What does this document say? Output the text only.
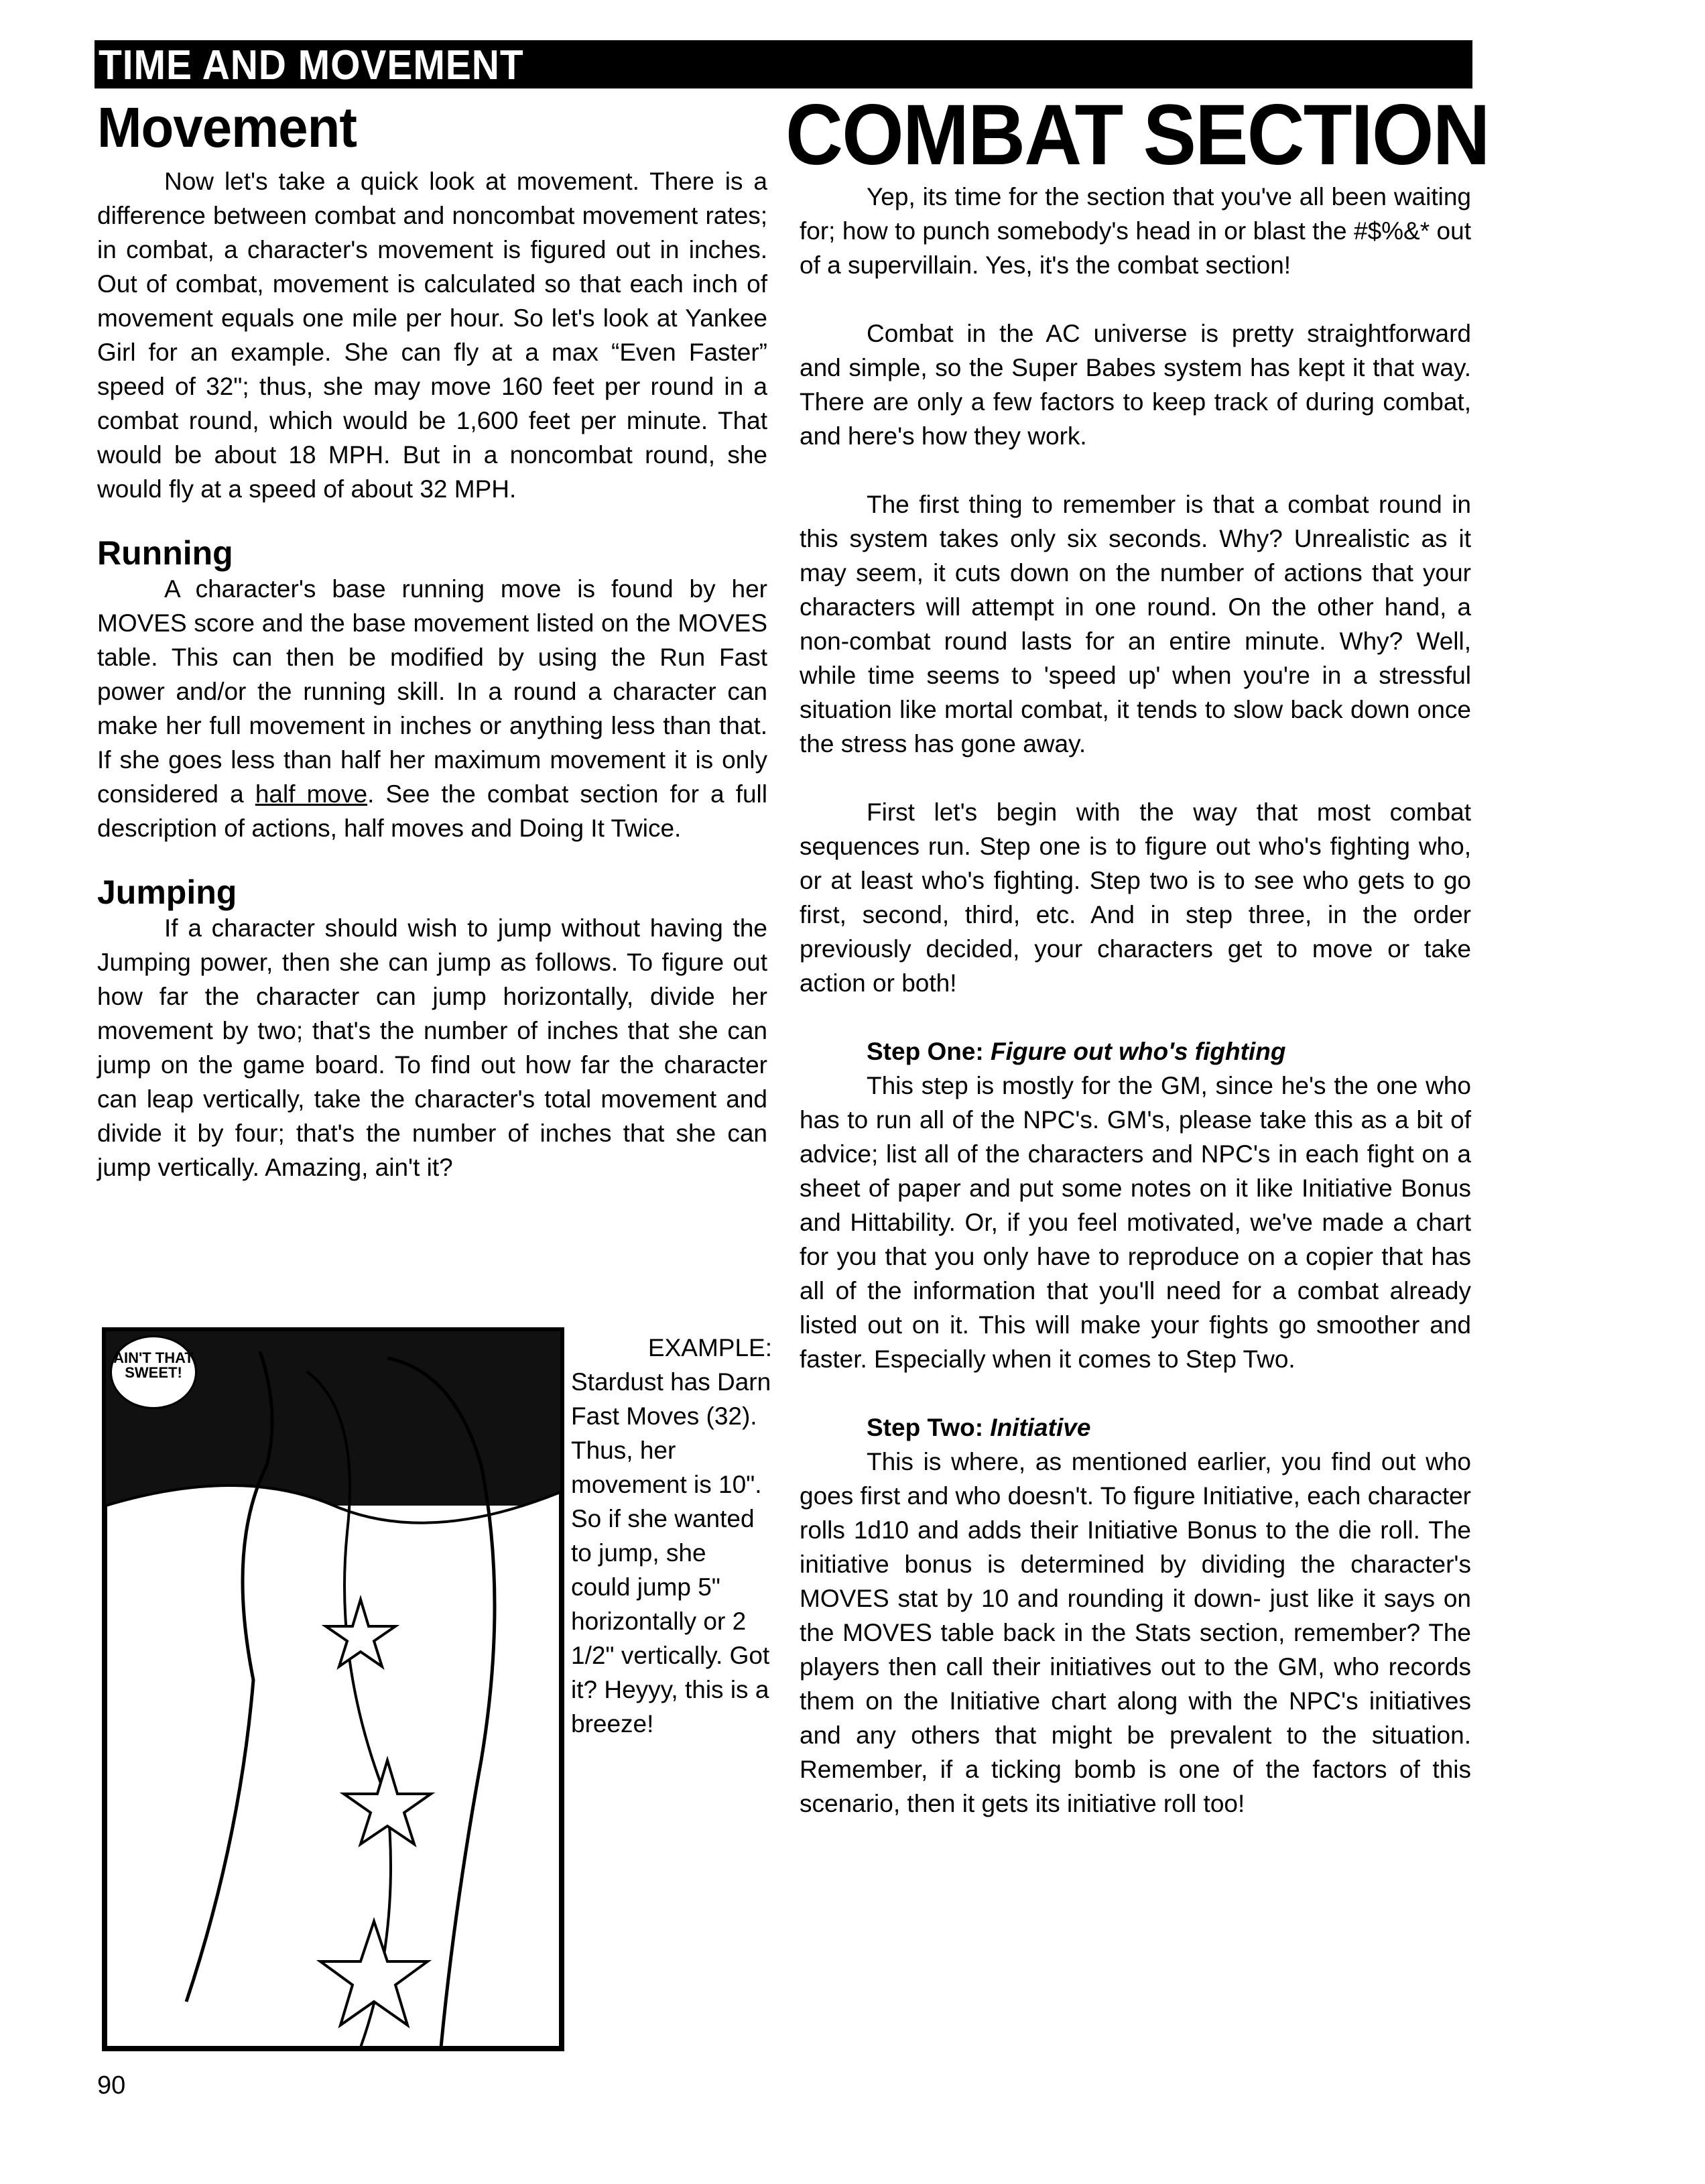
TIME AND MOVEMENT
Movement	COMBAT SECTION

Now let's take a quick look at movement. There is a difference between combat and noncombat movement rates; in combat, a character's movement is figured out in inches. Out of combat, movement is calculated so that each inch of movement equals one mile per hour. So let's look at Yankee Girl for an example. She can fly at a max “Even Faster” speed of 32"; thus, she may move 160 feet per round in a combat round, which would be 1,600 feet per minute. That would be about 18 MPH. But in a noncombat round, she would fly at a speed of about 32 MPH.

Running

A character's base running move is found by her MOVES score and the base movement listed on the MOVES table. This can then be modified by using the Run Fast power and/or the running skill. In a round a character can make her full movement in inches or anything less than that. If she goes less than half her maximum movement it is only considered a half move. See the combat section for a full description of actions, half moves and Doing It Twice.

Jumping

If a character should wish to jump without having the Jumping power, then she can jump as follows. To figure out how far the character can jump horizontally, divide her movement by two; that's the number of inches that she can jump on the game board. To find out how far the character can leap vertically, take the character's total movement and divide it by four; that's the number of inches that she can jump vertically. Amazing, ain't it?

AIN'T THAT SWEET!
EXAMPLE:
Stardust has Darn Fast Moves (32). Thus, her movement is 10". So if she wanted to jump, she could jump 5" horizontally or 2 1/2" vertically. Got it? Heyyy, this is a breeze!

Yep, its time for the section that you've all been waiting for; how to punch somebody's head in or blast the #$%&* out of a supervillain. Yes, it's the combat section!

Combat in the AC universe is pretty straightforward and simple, so the Super Babes system has kept it that way. There are only a few factors to keep track of during combat, and here's how they work.

The first thing to remember is that a combat round in this system takes only six seconds. Why? Unrealistic as it may seem, it cuts down on the number of actions that your characters will attempt in one round. On the other hand, a non-combat round lasts for an entire minute. Why? Well, while time seems to 'speed up' when you're in a stressful situation like mortal combat, it tends to slow back down once the stress has gone away.

First let's begin with the way that most combat sequences run. Step one is to figure out who's fighting who, or at least who's fighting. Step two is to see who gets to go first, second, third, etc. And in step three, in the order previously decided, your characters get to move or take action or both!

Step One: Figure out who's fighting

This step is mostly for the GM, since he's the one who has to run all of the NPC's. GM's, please take this as a bit of advice; list all of the characters and NPC's in each fight on a sheet of paper and put some notes on it like Initiative Bonus and Hittability. Or, if you feel motivated, we've made a chart for you that you only have to reproduce on a copier that has all of the information that you'll need for a combat already listed out on it. This will make your fights go smoother and faster. Especially when it comes to Step Two.

Step Two: Initiative

This is where, as mentioned earlier, you find out who goes first and who doesn't. To figure Initiative, each character rolls 1d10 and adds their Initiative Bonus to the die roll. The initiative bonus is determined by dividing the character's MOVES stat by 10 and rounding it down- just like it says on the MOVES table back in the Stats section, remember? The players then call their initiatives out to the GM, who records them on the Initiative chart along with the NPC's initiatives and any others that might be prevalent to the situation. Remember, if a ticking bomb is one of the factors of this scenario, then it gets its initiative roll too!

90
